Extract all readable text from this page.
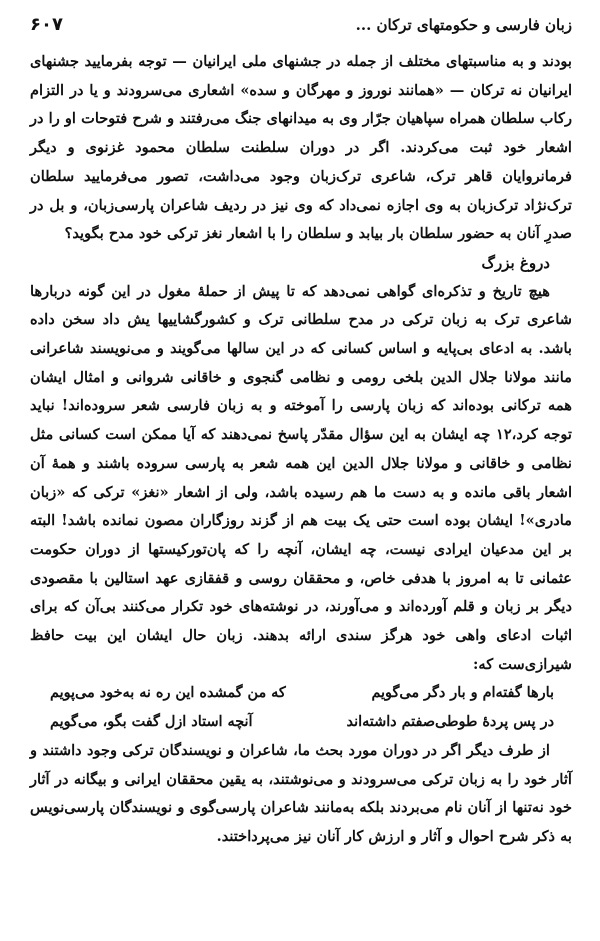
زبان فارسی و حکومتهای ترکان ...
۶۰۷

بودند و به مناسبتهای مختلف از جمله در جشنهای ملی ایرانیان — توجه بفرمایید جشنهای ایرانیان نه ترکان — «همانند نوروز و مهرگان و سده» اشعاری می‌سرودند و یا در التزام رکاب سلطان همراه سپاهیان جرّار وی به میدانهای جنگ می‌رفتند و شرح فتوحات او را در اشعار خود ثبت می‌کردند. اگر در دوران سلطنت سلطان محمود غزنوی و دیگر فرمانروایان قاهر ترک، شاعری ترک‌زبان وجود می‌داشت، تصور می‌فرمایید سلطان ترک‌نژاد ترک‌زبان به وی اجازه نمی‌داد که وی نیز در ردیف شاعران پارسی‌زبان، و بل در صدرِ آنان به حضور سلطان بار بیابد و سلطان را با اشعار نغز ترکی خود مدح بگوید؟

دروغ بزرگ

هیچ تاریخ و تذکره‌ای گواهی نمی‌دهد که تا پیش از حملهٔ مغول در این گونه دربارها شاعری ترک به زبان ترکی در مدح سلطانی ترک و کشورگشاییها یش داد سخن داده باشد. به ادعای بی‌پایه و اساس کسانی که در این سالها می‌گویند و می‌نویسند شاعرانی مانند مولانا جلال الدین بلخی رومی و نظامی گنجوی و خاقانی شروانی و امثال ایشان همه ترکانی بوده‌اند که زبان پارسی را آموخته و به زبان فارسی شعر سروده‌اند! نباید توجه کرد،۱۲ چه ایشان به این سؤال مقدّر پاسخ نمی‌دهند که آیا ممکن است کسانی مثل نظامی و خاقانی و مولانا جلال الدین این همه شعر به پارسی سروده باشند و همهٔ آن اشعار باقی مانده و به دست ما هم رسیده باشد، ولی از اشعار «نغز» ترکی که «زبان مادری»! ایشان بوده است حتی یک بیت هم از گزند روزگاران مصون نمانده باشد! البته بر این مدعیان ایرادی نیست، چه ایشان، آنچه را که پان‌تورکیستها از دوران حکومت عثمانی تا به امروز با هدفی خاص، و محققان روسی و قفقازی عهد استالین با مقصودی دیگر بر زبان و قلم آورده‌اند و می‌آورند، در نوشته‌های خود تکرار می‌کنند بی‌آن که برای اثبات ادعای واهی خود هرگز سندی ارائه بدهند. زبان حال ایشان این بیت حافظ شیرازی‌ست که:

بارها گفته‌ام و بار دگر می‌گویم
که من گمشده این ره نه به‌خود می‌پویم
در پس پردهٔ طوطی‌صفتم داشته‌اند
آنچه استاد ازل گفت بگو، می‌گویم

از طرف دیگر اگر در دوران مورد بحث ما، شاعران و نویسندگان ترکی وجود داشتند و آثار خود را به زبان ترکی می‌سرودند و می‌نوشتند، به یقین محققان ایرانی و بیگانه در آثار خود نه‌تنها از آنان نام می‌بردند بلکه به‌مانند شاعران پارسی‌گوی و نویسندگان پارسی‌نویس به ذکر شرح احوال و آثار و ارزش کار آنان نیز می‌پرداختند.
